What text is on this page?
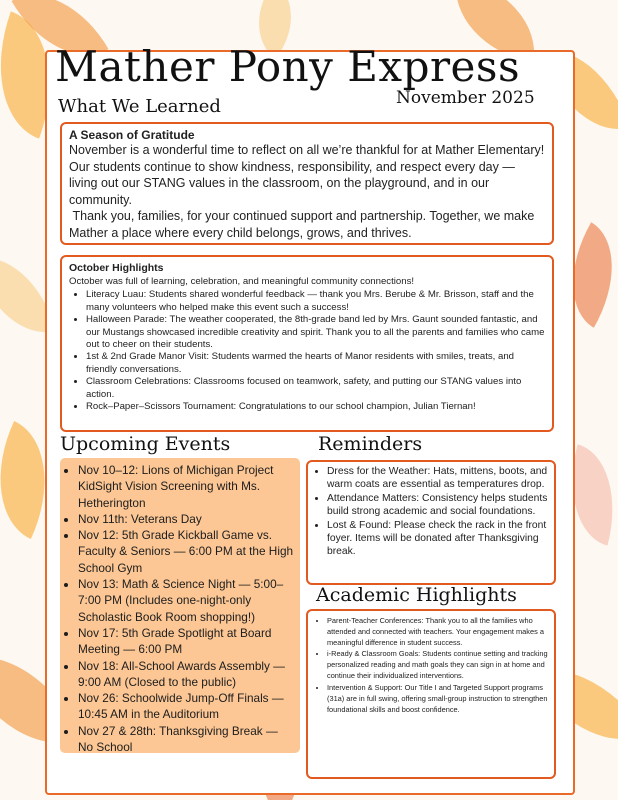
Mather Pony Express
What We Learned	November 2025
A Season of Gratitude

November is a wonderful time to reflect on all we’re thankful for at Mather Elementary! Our students continue to show kindness, responsibility, and respect every day — living out our STANG values in the classroom, on the playground, and in our community.

Thank you, families, for your continued support and partnership. Together, we make Mather a place where every child belongs, grows, and thrives.

October Highlights

October was full of learning, celebration, and meaningful community connections!

• Literacy Luau: Students shared wonderful feedback — thank you Mrs. Berube & Mr. Brisson, staff and the many volunteers who helped make this event such a success!
• Halloween Parade: The weather cooperated, the 8th-grade band led by Mrs. Gaunt sounded fantastic, and our Mustangs showcased incredible creativity and spirit. Thank you to all the parents and families who came out to cheer on their students.
• 1st & 2nd Grade Manor Visit: Students warmed the hearts of Manor residents with smiles, treats, and friendly conversations.
• Classroom Celebrations: Classrooms focused on teamwork, safety, and putting our STANG values into action.
• Rock–Paper–Scissors Tournament: Congratulations to our school champion, Julian Tiernan!
Upcoming Events
• Nov 10–12: Lions of Michigan Project KidSight Vision Screening with Ms. Hetherington
• Nov 11th: Veterans Day
• Nov 12: 5th Grade Kickball Game vs. Faculty & Seniors — 6:00 PM at the High School Gym
• Nov 13: Math & Science Night — 5:00–7:00 PM (Includes one-night-only Scholastic Book Room shopping!)
• Nov 17: 5th Grade Spotlight at Board Meeting — 6:00 PM
• Nov 18: All-School Awards Assembly — 9:00 AM (Closed to the public)
• Nov 26: Schoolwide Jump-Off Finals — 10:45 AM in the Auditorium
• Nov 27 & 28th: Thanksgiving Break — No School
Reminders
• Dress for the Weather: Hats, mittens, boots, and warm coats are essential as temperatures drop.
• Attendance Matters: Consistency helps students build strong academic and social foundations.
• Lost & Found: Please check the rack in the front foyer. Items will be donated after Thanksgiving break.
Academic Highlights
• Parent-Teacher Conferences: Thank you to all the families who attended and connected with teachers. Your engagement makes a meaningful difference in student success.
• i-Ready & Classroom Goals: Students continue setting and tracking personalized reading and math goals they can sign in at home and continue their individualized interventions.
• Intervention & Support: Our Title I and Targeted Support programs (31a) are in full swing, offering small-group instruction to strengthen foundational skills and boost confidence.
